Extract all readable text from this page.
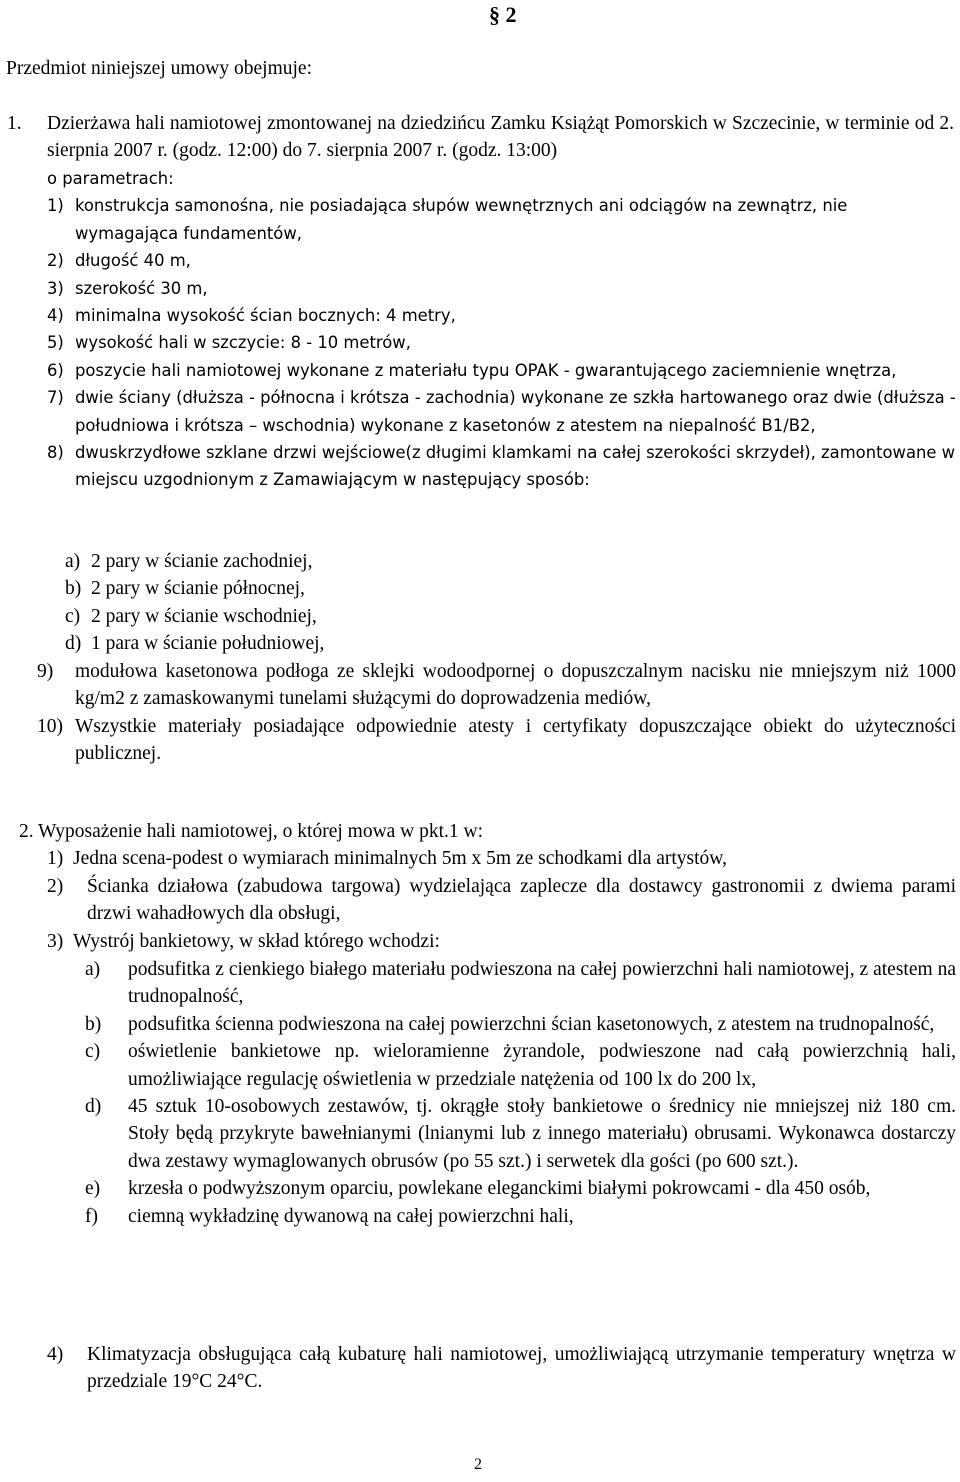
§ 2
Przedmiot niniejszej umowy obejmuje:
1.	Dzierżawa hali namiotowej zmontowanej na dziedzińcu Zamku Książąt Pomorskich w Szczecinie, w terminie od 2. sierpnia 2007 r. (godz. 12:00) do 7. sierpnia 2007 r. (godz. 13:00)
o parametrach:
1) konstrukcja samonośna, nie posiadająca słupów wewnętrznych ani odciągów na zewnątrz, nie wymagająca fundamentów,
2) długość 40 m,
3) szerokość 30 m,
4) minimalna wysokość ścian bocznych: 4 metry,
5) wysokość hali w szczycie: 8 - 10 metrów,
6) poszycie hali namiotowej wykonane z materiału typu OPAK - gwarantującego zaciemnienie wnętrza,
7) dwie ściany (dłuższa - północna i krótsza - zachodnia) wykonane ze szkła hartowanego oraz dwie (dłuższa - południowa i krótsza – wschodnia) wykonane z kasetonów z atestem na niepalność B1/B2,
8) dwuskrzydłowe szklane drzwi wejściowe(z długimi klamkami na całej szerokości skrzydeł), zamontowane w miejscu uzgodnionym z Zamawiającym w następujący sposób:
a) 2 pary w ścianie zachodniej,
b) 2 pary w ścianie północnej,
c) 2 pary w ścianie wschodniej,
d) 1 para w ścianie południowej,
9)	modułowa kasetonowa podłoga ze sklejki wodoodpornej o dopuszczalnym nacisku nie mniejszym niż 1000 kg/m2 z zamaskowanymi tunelami służącymi do doprowadzenia mediów,
10) Wszystkie materiały posiadające odpowiednie atesty i certyfikaty dopuszczające obiekt do użyteczności publicznej.
2. Wyposażenie hali namiotowej, o której mowa w pkt.1 w:
1) Jedna scena-podest o wymiarach minimalnych 5m x 5m ze schodkami dla artystów,
2)	Ścianka działowa (zabudowa targowa) wydzielająca zaplecze dla dostawcy gastronomii z dwiema parami drzwi wahadłowych dla obsługi,
3) Wystrój bankietowy, w skład którego wchodzi:
a)	podsufitka z cienkiego białego materiału podwieszona na całej powierzchni hali namiotowej, z atestem na trudnopalność,
b)	podsufitka ścienna podwieszona na całej powierzchni ścian kasetonowych, z atestem na trudnopalność,
c)	oświetlenie bankietowe np. wieloramienne żyrandole, podwieszone nad całą powierzchnią hali, umożliwiające regulację oświetlenia w przedziale natężenia od 100 lx do 200 lx,
d)	45 sztuk 10-osobowych zestawów, tj. okrągłe stoły bankietowe o średnicy nie mniejszej niż 180 cm. Stoły będą przykryte bawełnianymi (lnianymi lub z innego materiału) obrusami. Wykonawca dostarczy dwa zestawy wymaglowanych obrusów (po 55 szt.) i serwetek dla gości (po 600 szt.).
e)	krzesła o podwyższonym oparciu, powlekane eleganckimi białymi pokrowcami - dla 450 osób,
f)	ciemną wykładzinę dywanową na całej powierzchni hali,
4)	Klimatyzacja obsługująca całą kubaturę hali namiotowej, umożliwiającą utrzymanie temperatury wnętrza w przedziale 19°C 24°C.
2
